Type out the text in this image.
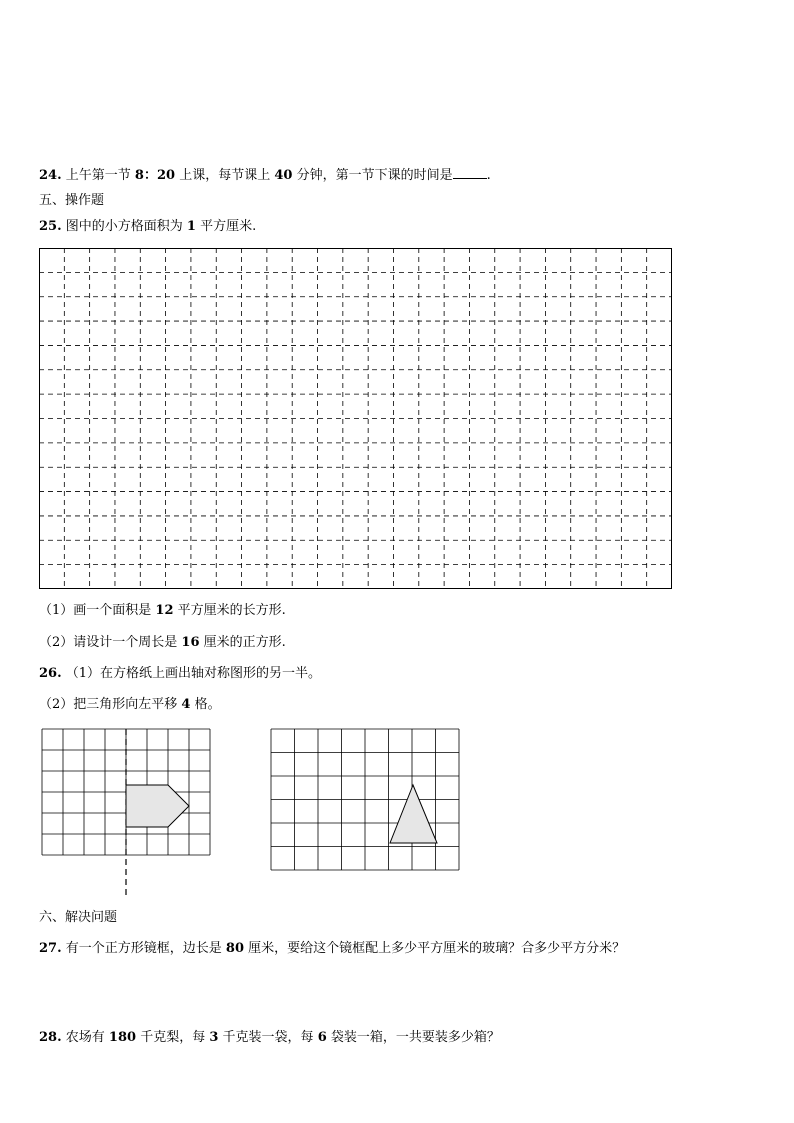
24. 上午第一节 8：20 上课，每节课上 40 分钟，第一节下课的时间是	.
五、操作题
25. 图中的小方格面积为 1 平方厘米.
（1）画一个面积是 12 平方厘米的长方形.
（2）请设计一个周长是 16 厘米的正方形.
26. （1）在方格纸上画出轴对称图形的另一半。
（2）把三角形向左平移 4 格。
六、解决问题
27. 有一个正方形镜框，边长是 80 厘米，要给这个镜框配上多少平方厘米的玻璃？合多少平方分米？
28. 农场有 180 千克梨，每 3 千克装一袋，每 6 袋装一箱，一共要装多少箱？
